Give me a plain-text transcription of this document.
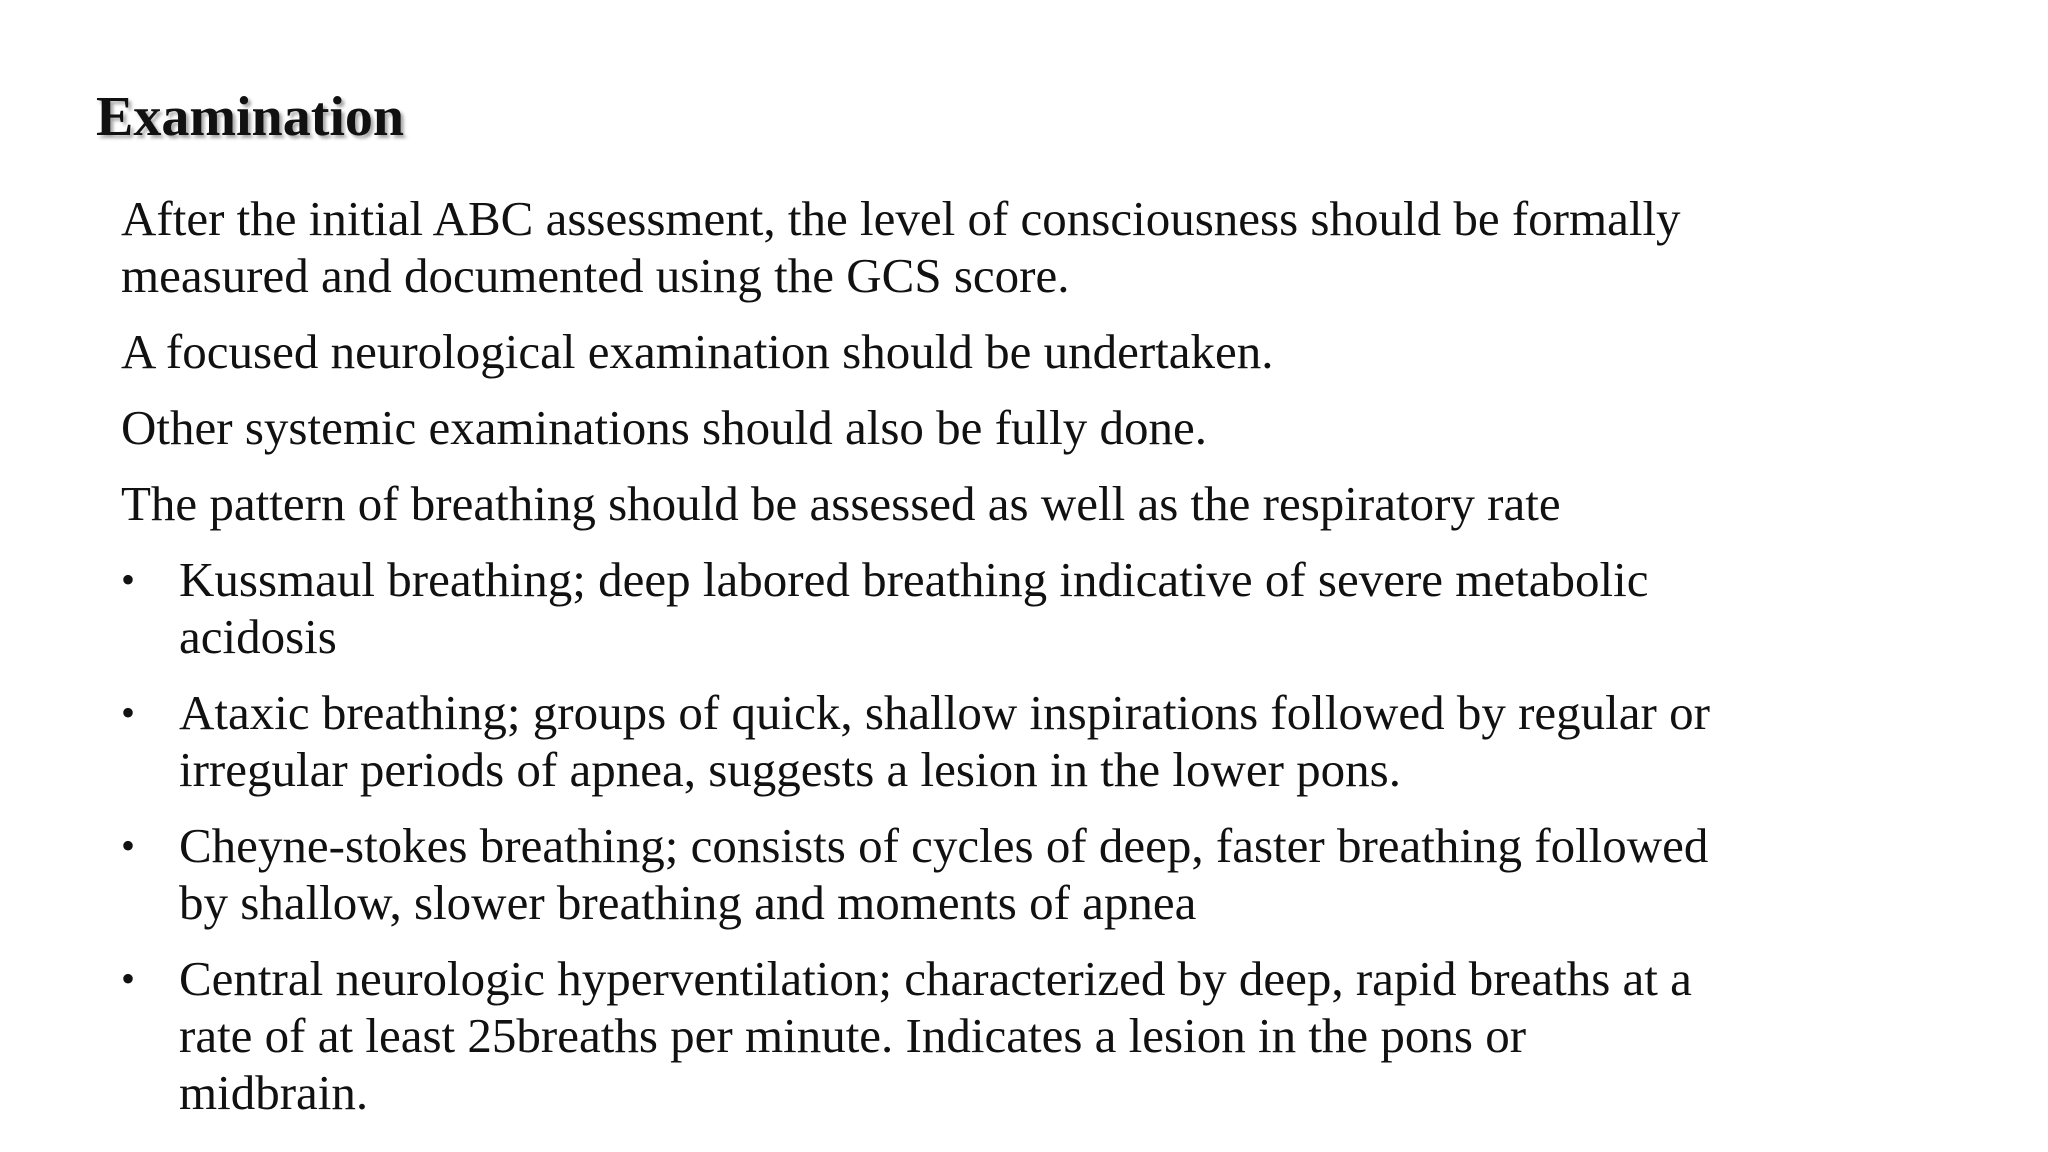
Examination

After the initial ABC assessment, the level of consciousness should be formally
measured and documented using the GCS score.

A focused neurological examination should be undertaken.

Other systemic examinations should also be fully done.

The pattern of breathing should be assessed as well as the respiratory rate

• Kussmaul breathing; deep labored breathing indicative of severe metabolic
acidosis
• Ataxic breathing; groups of quick, shallow inspirations followed by regular or
irregular periods of apnea, suggests a lesion in the lower pons.
• Cheyne-stokes breathing; consists of cycles of deep, faster breathing followed
by shallow, slower breathing and moments of apnea
• Central neurologic hyperventilation; characterized by deep, rapid breaths at a
rate of at least 25breaths per minute. Indicates a lesion in the pons or
midbrain.
